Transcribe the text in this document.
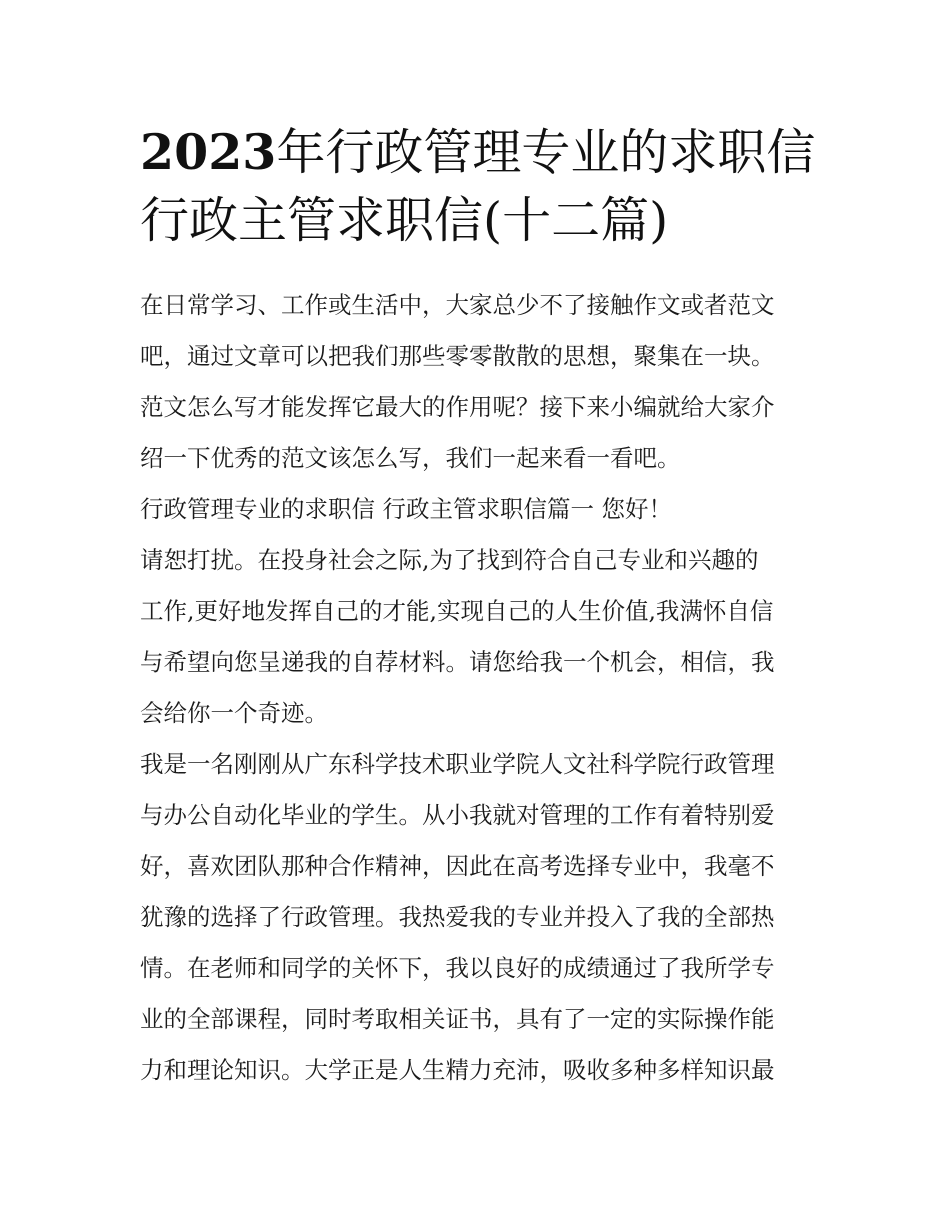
2023年行政管理专业的求职信
行政主管求职信(十二篇)
在日常学习、工作或生活中，大家总少不了接触作文或者范文
吧，通过文章可以把我们那些零零散散的思想，聚集在一块。
范文怎么写才能发挥它最大的作用呢？接下来小编就给大家介
绍一下优秀的范文该怎么写，我们一起来看一看吧。
行政管理专业的求职信 行政主管求职信篇一 您好！
请恕打扰。在投身社会之际,为了找到符合自己专业和兴趣的
工作,更好地发挥自己的才能,实现自己的人生价值,我满怀自信
与希望向您呈递我的自荐材料。请您给我一个机会，相信，我
会给你一个奇迹。
我是一名刚刚从广东科学技术职业学院人文社科学院行政管理
与办公自动化毕业的学生。从小我就对管理的工作有着特别爱
好，喜欢团队那种合作精神，因此在高考选择专业中，我毫不
犹豫的选择了行政管理。我热爱我的专业并投入了我的全部热
情。在老师和同学的关怀下，我以良好的成绩通过了我所学专
业的全部课程，同时考取相关证书，具有了一定的实际操作能
力和理论知识。大学正是人生精力充沛，吸收多种多样知识最
